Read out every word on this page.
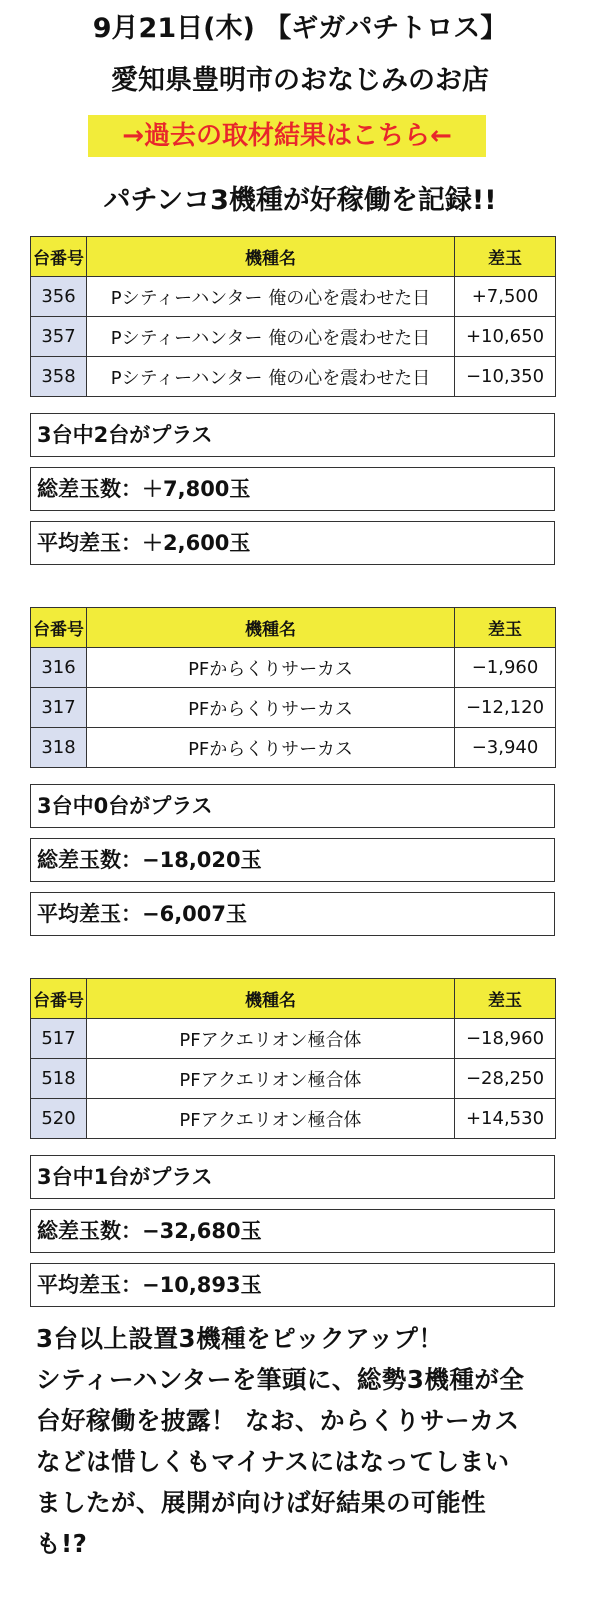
9月21日(木) 【ギガパチトロス】
愛知県豊明市のおなじみのお店
→過去の取材結果はこちら←
パチンコ3機種が好稼働を記録!!
台番号	機種名	差玉
356	Pシティーハンター 俺の心を震わせた日	+7,500
357	Pシティーハンター 俺の心を震わせた日	+10,650
358	Pシティーハンター 俺の心を震わせた日	−10,350
3台中2台がプラス
総差玉数：＋7,800玉
平均差玉：＋2,600玉
台番号	機種名	差玉
316	PFからくりサーカス	−1,960
317	PFからくりサーカス	−12,120
318	PFからくりサーカス	−3,940
3台中0台がプラス
総差玉数：−18,020玉
平均差玉：−6,007玉
台番号	機種名	差玉
517	PFアクエリオン極合体	−18,960
518	PFアクエリオン極合体	−28,250
520	PFアクエリオン極合体	+14,530
3台中1台がプラス
総差玉数：−32,680玉
平均差玉：−10,893玉

3台以上設置3機種をピックアップ！

シティーハンターを筆頭に、総勢3機種が全

台好稼働を披露！ なお、からくりサーカス

などは惜しくもマイナスにはなってしまい

ましたが、展開が向けば好結果の可能性

も!?
